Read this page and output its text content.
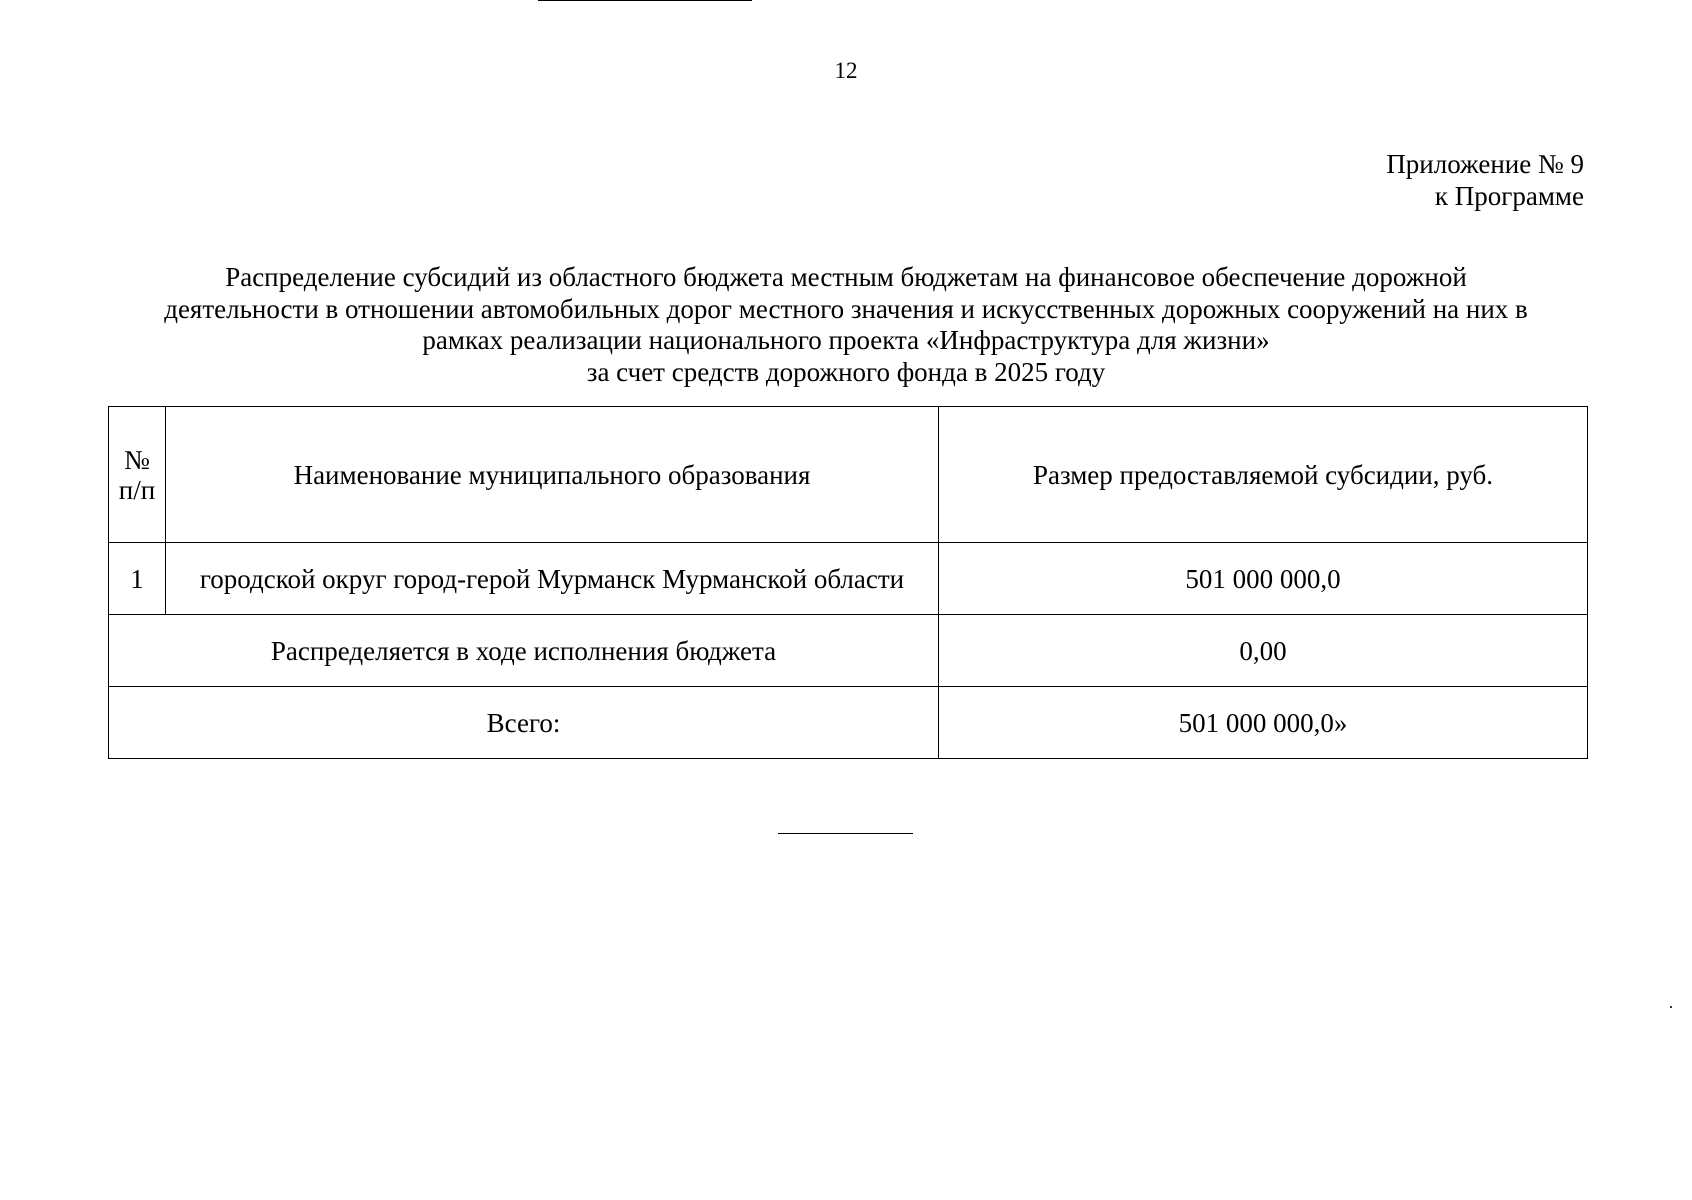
12
Приложение № 9
к Программе
Распределение субсидий из областного бюджета местным бюджетам на финансовое обеспечение дорожной
деятельности в отношении автомобильных дорог местного значения и искусственных дорожных сооружений на них в
рамках реализации национального проекта «Инфраструктура для жизни»
за счет средств дорожного фонда в 2025 году
№
п/п	Наименование муниципального образования	Размер предоставляемой субсидии, руб.
1	городской округ город-герой Мурманск Мурманской области	501 000 000,0
Распределяется в ходе исполнения бюджета		0,00
Всего:		501 000 000,0»
